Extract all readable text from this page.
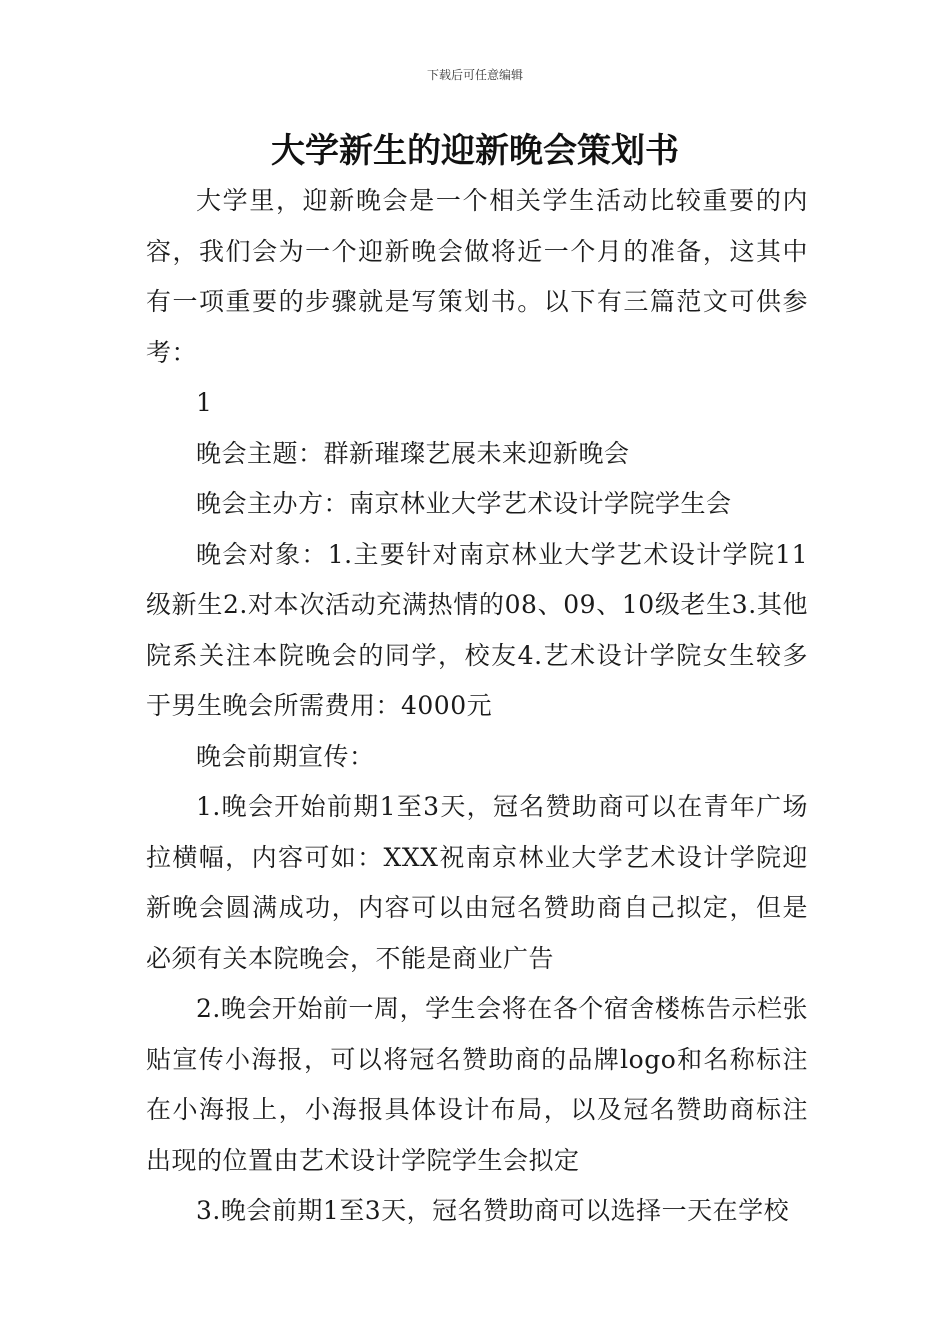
下载后可任意编辑
大学新生的迎新晚会策划书

大学里，迎新晚会是一个相关学生活动比较重要的内容，我们会为一个迎新晚会做将近一个月的准备，这其中有一项重要的步骤就是写策划书。以下有三篇范文可供参考：

1

晚会主题：群新璀璨艺展未来迎新晚会

晚会主办方：南京林业大学艺术设计学院学生会

晚会对象：1.主要针对南京林业大学艺术设计学院11级新生2.对本次活动充满热情的08、09、10级老生3.其他院系关注本院晚会的同学，校友4.艺术设计学院女生较多于男生晚会所需费用：4000元

晚会前期宣传：

1.晚会开始前期1至3天，冠名赞助商可以在青年广场拉横幅，内容可如：XXX祝南京林业大学艺术设计学院迎新晚会圆满成功，内容可以由冠名赞助商自己拟定，但是必须有关本院晚会，不能是商业广告

2.晚会开始前一周，学生会将在各个宿舍楼栋告示栏张贴宣传小海报，可以将冠名赞助商的品牌logo和名称标注在小海报上，小海报具体设计布局，以及冠名赞助商标注出现的位置由艺术设计学院学生会拟定

3.晚会前期1至3天，冠名赞助商可以选择一天在学校
